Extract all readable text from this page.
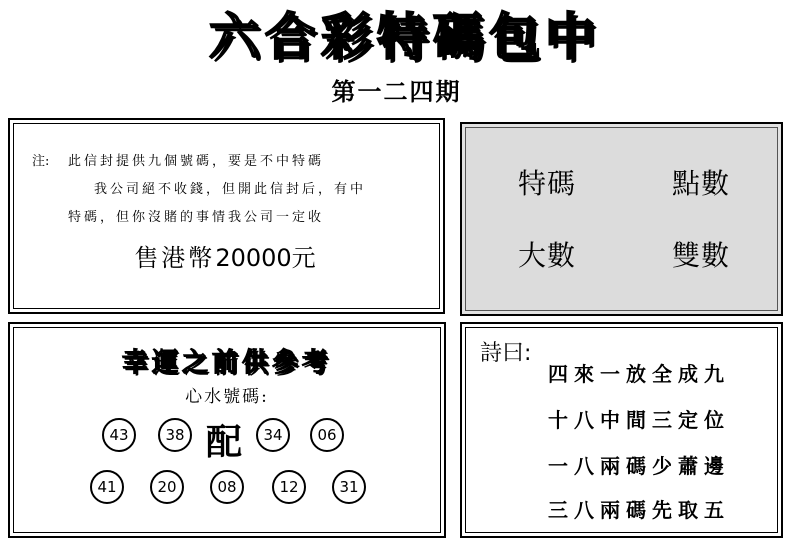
六合彩特碼包中
第一二四期
注: 此信封提供九個號碼，要是不中特碼
我公司絕不收錢，但開此信封后，有中
特碼，但你沒賭的事情我公司一定收
售港幣20000元
特碼	點數
大數	雙數
幸運之前供參考
心水號碼:
43	38 配	34	06
41	20	08	12	31
詩曰:
四來一放全成九
十八中間三定位
一八兩碼少蕭邊
三八兩碼先取五
